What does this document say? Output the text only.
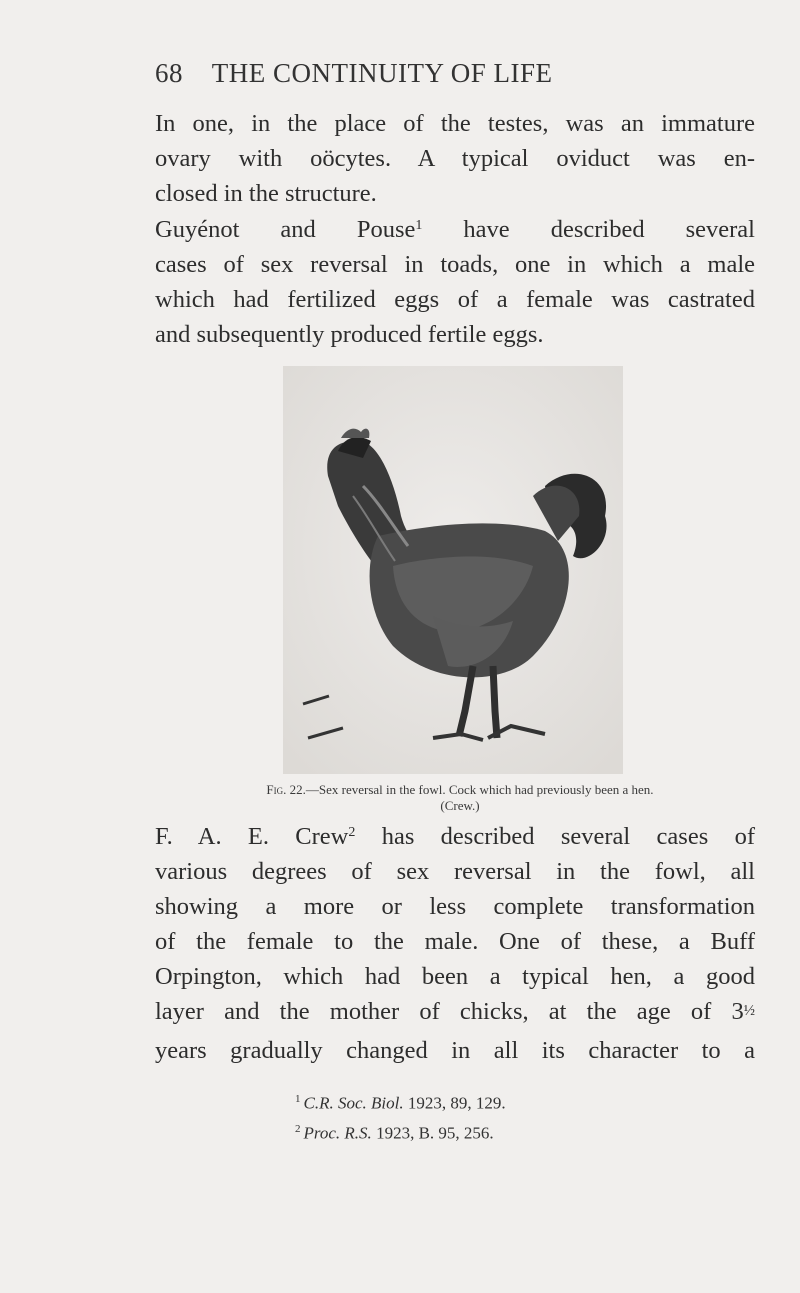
68 THE CONTINUITY OF LIFE

In one, in the place of the testes, was an immature
ovary with oöcytes. A typical oviduct was en-
closed in the structure.

Guyénot and Pouse$^1$ have described several
cases of sex reversal in toads, one in which a male
which had fertilized eggs of a female was castrated
and subsequently produced fertile eggs.

Fig. 22.—Sex reversal in the fowl. Cock which had previously been a hen.
(Crew.)

F. A. E. Crew$^2$ has described several cases of
various degrees of sex reversal in the fowl, all
showing a more or less complete transformation
of the female to the male. One of these, a Buff
Orpington, which had been a typical hen, a good
layer and the mother of chicks, at the age of 3½
years gradually changed in all its character to a

$^1$ C.R. Soc. Biol. 1923, 89, 129.

$^2$ Proc. R.S. 1923, B. 95, 256.
